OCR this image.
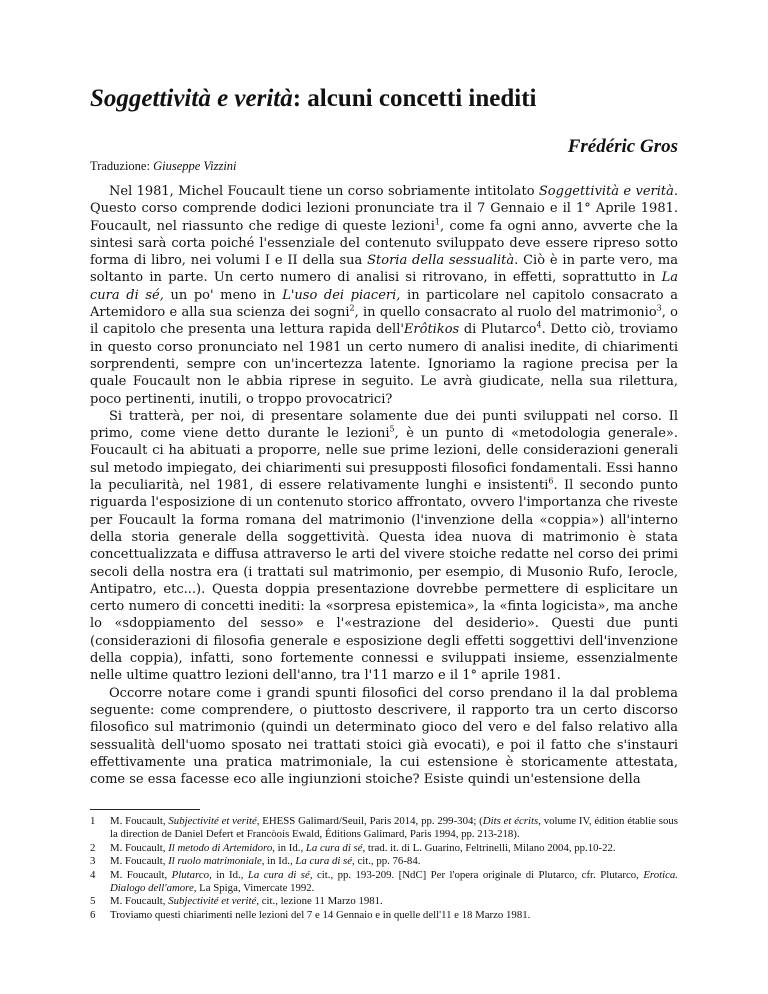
Soggettività e verità: alcuni concetti inediti

Frédéric Gros

Traduzione: Giuseppe Vizzini

Nel 1981, Michel Foucault tiene un corso sobriamente intitolato Soggettività e verità. Questo corso comprende dodici lezioni pronunciate tra il 7 Gennaio e il 1° Aprile 1981. Foucault, nel riassunto che redige di queste lezioni$^1$, come fa ogni anno, avverte che la sintesi sarà corta poiché l'essenziale del contenuto sviluppato deve essere ripreso sotto forma di libro, nei volumi I e II della sua Storia della sessualità. Ciò è in parte vero, ma soltanto in parte. Un certo numero di analisi si ritrovano, in effetti, soprattutto in La cura di sé, un po' meno in L'uso dei piaceri, in particolare nel capitolo consacrato a Artemidoro e alla sua scienza dei sogni$^2$, in quello consacrato al ruolo del matrimonio$^3$, o il capitolo che presenta una lettura rapida dell'Erôtikos di Plutarco$^4$. Detto ciò, troviamo in questo corso pronunciato nel 1981 un certo numero di analisi inedite, di chiarimenti sorprendenti, sempre con un'incertezza latente. Ignoriamo la ragione precisa per la quale Foucault non le abbia riprese in seguito. Le avrà giudicate, nella sua rilettura, poco pertinenti, inutili, o troppo provocatrici?

Si tratterà, per noi, di presentare solamente due dei punti sviluppati nel corso. Il primo, come viene detto durante le lezioni$^5$, è un punto di «metodologia generale». Foucault ci ha abituati a proporre, nelle sue prime lezioni, delle considerazioni generali sul metodo impiegato, dei chiarimenti sui presupposti filosofici fondamentali. Essi hanno la peculiarità, nel 1981, di essere relativamente lunghi e insistenti$^6$. Il secondo punto riguarda l'esposizione di un contenuto storico affrontato, ovvero l'importanza che riveste per Foucault la forma romana del matrimonio (l'invenzione della «coppia») all'interno della storia generale della soggettività. Questa idea nuova di matrimonio è stata concettualizzata e diffusa attraverso le arti del vivere stoiche redatte nel corso dei primi secoli della nostra era (i trattati sul matrimonio, per esempio, di Musonio Rufo, Ierocle, Antipatro, etc...). Questa doppia presentazione dovrebbe permettere di esplicitare un certo numero di concetti inediti: la «sorpresa epistemica», la «finta logicista», ma anche lo «sdoppiamento del sesso» e l'«estrazione del desiderio». Questi due punti (considerazioni di filosofia generale e esposizione degli effetti soggettivi dell'invenzione della coppia), infatti, sono fortemente connessi e sviluppati insieme, essenzialmente nelle ultime quattro lezioni dell'anno, tra l'11 marzo e il 1° aprile 1981.

Occorre notare come i grandi spunti filosofici del corso prendano il la dal problema seguente: come comprendere, o piuttosto descrivere, il rapporto tra un certo discorso filosofico sul matrimonio (quindi un determinato gioco del vero e del falso relativo alla sessualità dell'uomo sposato nei trattati stoici già evocati), e poi il fatto che s'instauri effettivamente una pratica matrimoniale, la cui estensione è storicamente attestata, come se essa facesse eco alle ingiunzioni stoiche? Esiste quindi un'estensione della

1 M. Foucault, Subjectivité et verité, EHESS Galimard/Seuil, Paris 2014, pp. 299-304; (Dits et écrits, volume IV, édition établie sous la direction de Daniel Defert et Francòois Ewald, Éditions Galimard, Paris 1994, pp. 213-218).
2 M. Foucault, Il metodo di Artemidoro, in Id., La cura di sé, trad. it. di L. Guarino, Feltrinelli, Milano 2004, pp.10-22.
3 M. Foucault, Il ruolo matrimoniale, in Id., La cura di sé, cit., pp. 76-84.
4 M. Foucault, Plutarco, in Id., La cura di sé, cit., pp. 193-209. [NdC] Per l'opera originale di Plutarco, cfr. Plutarco, Erotica. Dialogo dell'amore, La Spiga, Vimercate 1992.
5 M. Foucault, Subjectivité et verité, cit., lezione 11 Marzo 1981.
6 Troviamo questi chiarimenti nelle lezioni del 7 e 14 Gennaio e in quelle dell'11 e 18 Marzo 1981.
